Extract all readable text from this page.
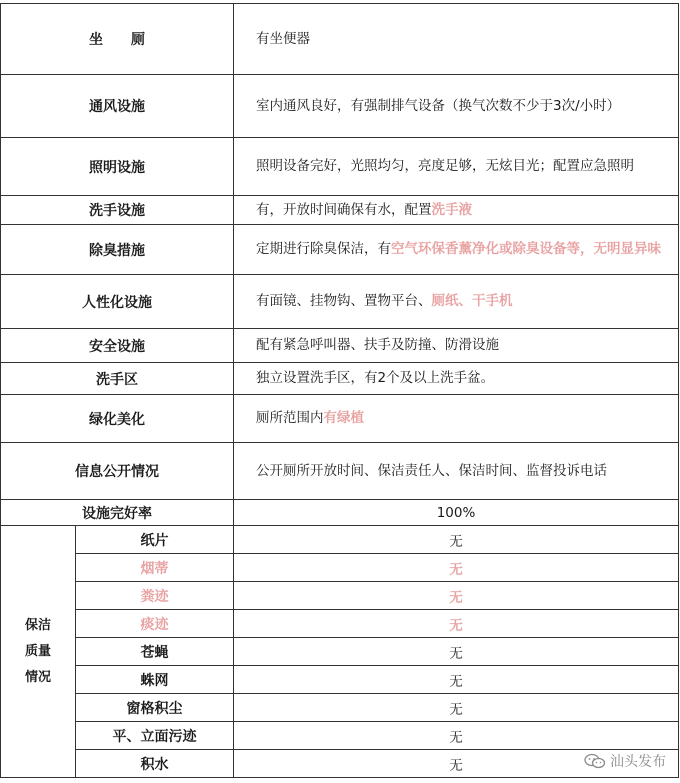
坐　　厕		有坐便器
通风设施		室内通风良好，有强制排气设备（换气次数不少于3次/小时）
照明设施		照明设备完好，光照均匀，亮度足够，无炫目光；配置应急照明
洗手设施		有，开放时间确保有水，配置洗手液
除臭措施		定期进行除臭保洁，有空气环保香薰净化或除臭设备等，无明显异味
人性化设施		有面镜、挂物钩、置物平台、厕纸、干手机
安全设施		配有紧急呼叫器、扶手及防撞、防滑设施
洗手区		独立设置洗手区，有2个及以上洗手盆。
绿化美化		厕所范围内有绿植
信息公开情况		公开厕所开放时间、保洁责任人、保洁时间、监督投诉电话
设施完好率		100%

保洁
质量
情况	纸片	无
	烟蒂	无
	粪迹	无
	痰迹	无
	苍蝇	无
	蛛网	无
	窗格积尘	无
	平、立面污迹	无
	积水	无	汕头发布
